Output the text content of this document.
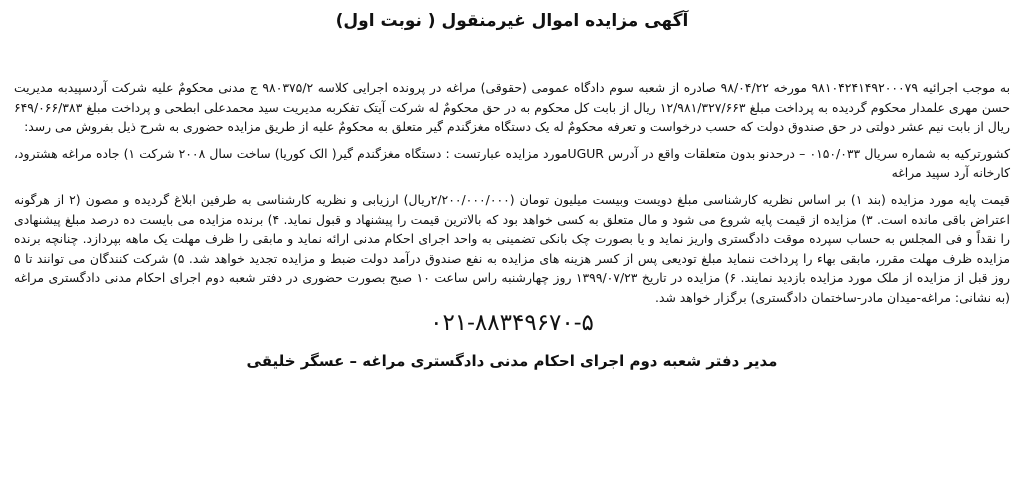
آگهی مزایده اموال غیرمنقول ( نوبت اول)

به موجب اجرائیه ۹۸۱۰۴۲۴۱۴۹۲۰۰۰۷۹ مورخه ۹۸/۰۴/۲۲ صادره از شعبه سوم دادگاه عمومی (حقوقی) مراغه در پرونده اجرایی کلاسه ۹۸۰۳۷۵/۲ ج مدنی محکومٌ علیه شرکت آردسپیدبه مدیریت حسن مهری علمدار محکوم گردیده به پرداخت مبلغ ۱۲/۹۸۱/۳۲۷/۶۶۳ ریال از بابت کل محکوم به در حق محکومٌ له شرکت آیتک تفکربه مدیریت سید محمدعلی ابطحی و پرداخت مبلغ ۶۴۹/۰۶۶/۳۸۳ ریال از بابت نیم عشر دولتی در حق صندوق دولت که حسب درخواست و تعرفه محکومٌ له یک دستگاه مغزگندم گیر متعلق به محکومٌ علیه از طریق مزایده حضوری به شرح ذیل بفروش می رسد:

کشورترکیه به شماره سریال ۰۱۵۰/۰۳۳ – درحدنو بدون متعلقات واقع در آدرس UGURمورد مزایده عبارتست : دستگاه مغزگندم گیر( الک کوریا) ساخت سال ۲۰۰۸ شرکت ۱) جاده مراغه هشترود، کارخانه آرد سپید مراغه

قیمت پایه مورد مزایده (بند ۱) بر اساس نظریه کارشناسی مبلغ دویست وبیست میلیون تومان (۲/۲۰۰/۰۰۰/۰۰۰ریال) ارزیابی و نظریه کارشناسی به طرفین ابلاغ گردیده و مصون (۲ از هرگونه اعتراض باقی مانده است. ۳) مزایده از قیمت پایه شروع می شود و مال متعلق به کسی خواهد بود که بالاترین قیمت را پیشنهاد و قبول نماید. ۴) برنده مزایده می بایست ده درصد مبلغ پیشنهادی را نقداً و فی المجلس به حساب سپرده موقت دادگستری واریز نماید و یا بصورت چک بانکی تضمینی به واحد اجرای احکام مدنی ارائه نماید و مابقی را ظرف مهلت یک ماهه بپردازد. چنانچه برنده مزایده ظرف مهلت مقرر، مابقی بهاء را پرداخت ننماید مبلغ تودیعی پس از کسر هزینه های مزایده به نفع صندوق درآمد دولت ضبط و مزایده تجدید خواهد شد. ۵) شرکت کنندگان می توانند تا ۵ روز قبل از مزایده از ملک مورد مزایده بازدید نمایند. ۶) مزایده در تاریخ ۱۳۹۹/۰۷/۲۳ روز چهارشنبه راس ساعت ۱۰ صبح بصورت حضوری در دفتر شعبه دوم اجرای احکام مدنی دادگستری مراغه (به نشانی: مراغه-میدان مادر-ساختمان دادگستری) برگزار خواهد شد.

۰۲۱-۸۸۳۴۹۶۷۰-۵
مدیر دفتر شعبه دوم اجرای احکام مدنی دادگستری مراغه – عسگر خلیقی
